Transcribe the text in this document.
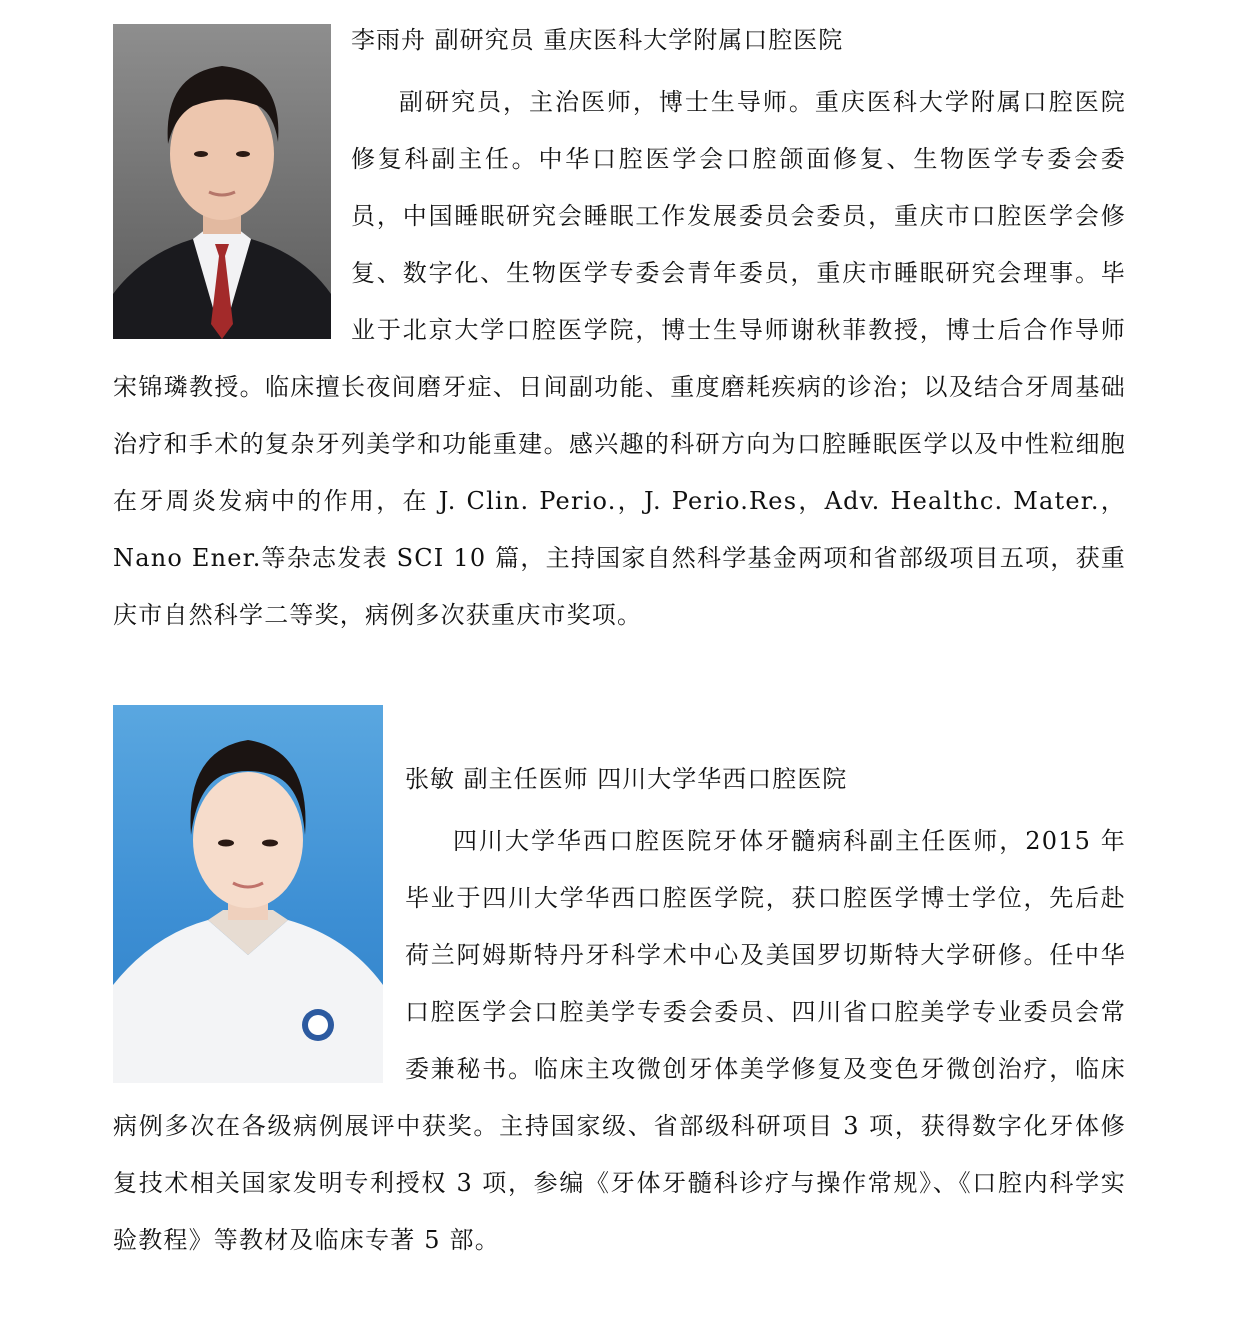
李雨舟 副研究员 重庆医科大学附属口腔医院

副研究员，主治医师，博士生导师。重庆医科大学附属口腔医院修复科副主任。中华口腔医学会口腔颌面修复、生物医学专委会委员，中国睡眠研究会睡眠工作发展委员会委员，重庆市口腔医学会修复、数字化、生物医学专委会青年委员，重庆市睡眠研究会理事。毕业于北京大学口腔医学院，博士生导师谢秋菲教授，博士后合作导师宋锦璘教授。临床擅长夜间磨牙症、日间副功能、重度磨耗疾病的诊治；以及结合牙周基础治疗和手术的复杂牙列美学和功能重建。感兴趣的科研方向为口腔睡眠医学以及中性粒细胞在牙周炎发病中的作用，在 J. Clin. Perio.，J. Perio.Res，Adv. Healthc. Mater.，Nano Ener.等杂志发表 SCI 10 篇，主持国家自然科学基金两项和省部级项目五项，获重庆市自然科学二等奖，病例多次获重庆市奖项。

张敏 副主任医师 四川大学华西口腔医院

四川大学华西口腔医院牙体牙髓病科副主任医师，2015 年毕业于四川大学华西口腔医学院，获口腔医学博士学位，先后赴荷兰阿姆斯特丹牙科学术中心及美国罗切斯特大学研修。任中华口腔医学会口腔美学专委会委员、四川省口腔美学专业委员会常委兼秘书。临床主攻微创牙体美学修复及变色牙微创治疗，临床病例多次在各级病例展评中获奖。主持国家级、省部级科研项目 3 项，获得数字化牙体修复技术相关国家发明专利授权 3 项，参编《牙体牙髓科诊疗与操作常规》、《口腔内科学实验教程》等教材及临床专著 5 部。
